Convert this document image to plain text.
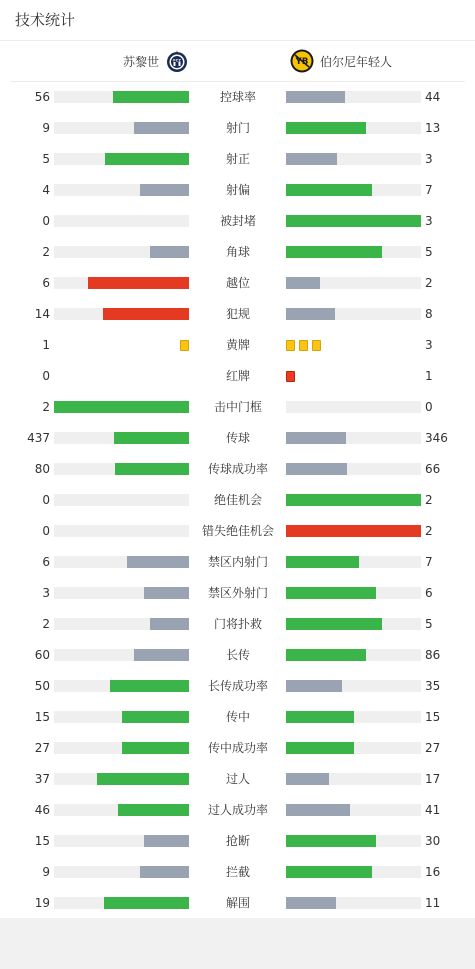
技术统计
苏黎世	FCZ	YB 伯尔尼年轻人
56	控球率	44
9	射门	13
5	射正	3
4	射偏	7
0	被封堵	3
2	角球	5
6	越位	2
14	犯规	8
1	黄牌	3
0	红牌	1
2	击中门框	0
437	传球	346
80	传球成功率	66
0	绝佳机会	2
0	错失绝佳机会	2
6	禁区内射门	7
3	禁区外射门	6
2	门将扑救	5
60	长传	86
50	长传成功率	35
15	传中	15
27	传中成功率	27
37	过人	17
46	过人成功率	41
15	抢断	30
9	拦截	16
19	解围	11
